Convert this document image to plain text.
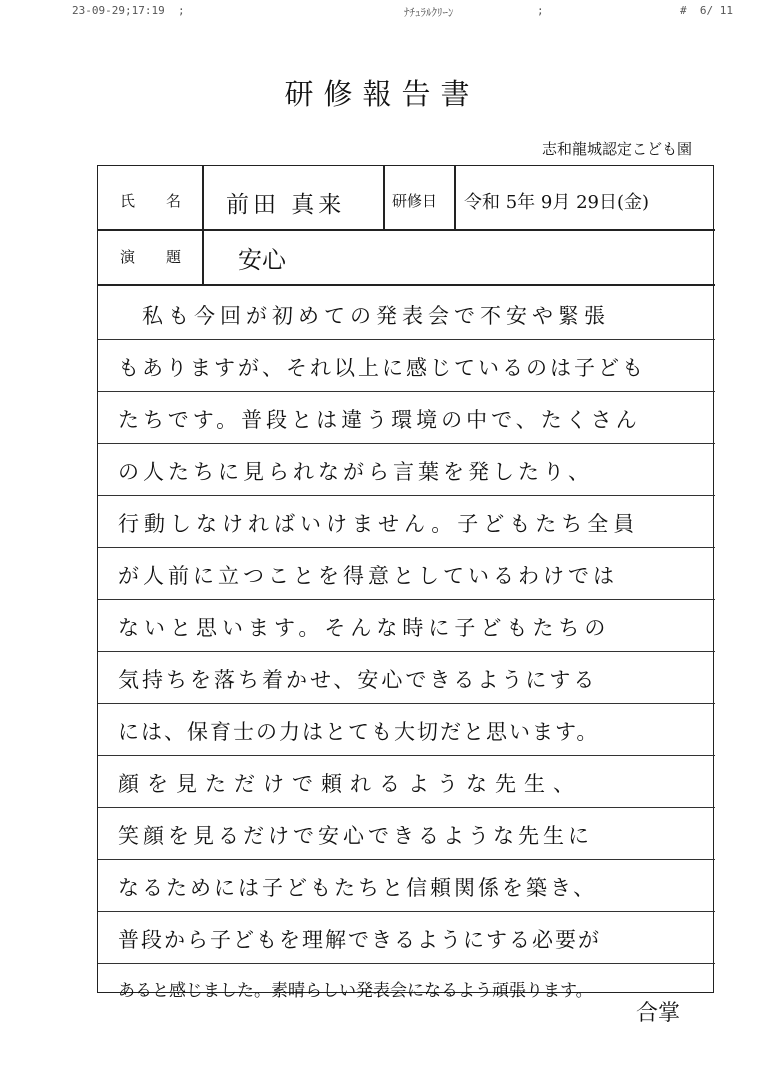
23-09-29;17:19  ;	ﾅﾁｭﾗﾙｸﾘｰﾝ	;	#  6/ 11
研修報告書
志和龍城認定こども園
氏　名 前田 真来	研修日 令和 5年 9月 29日(金)
演　題 安心
私も今回が初めての発表会で不安や緊張
もありますが、それ以上に感じているのは子ども
たちです。普段とは違う環境の中で、たくさん
の人たちに見られながら言葉を発したり、
行動しなければいけません。子どもたち全員
が人前に立つことを得意としているわけでは
ないと思います。そんな時に子どもたちの
気持ちを落ち着かせ、安心できるようにする
には、保育士の力はとても大切だと思います。
顔を見ただけで頼れるような先生、
笑顔を見るだけで安心できるような先生に
なるためには子どもたちと信頼関係を築き、
普段から子どもを理解できるようにする必要が
あると感じました。素晴らしい発表会になるよう頑張ります。
合掌
